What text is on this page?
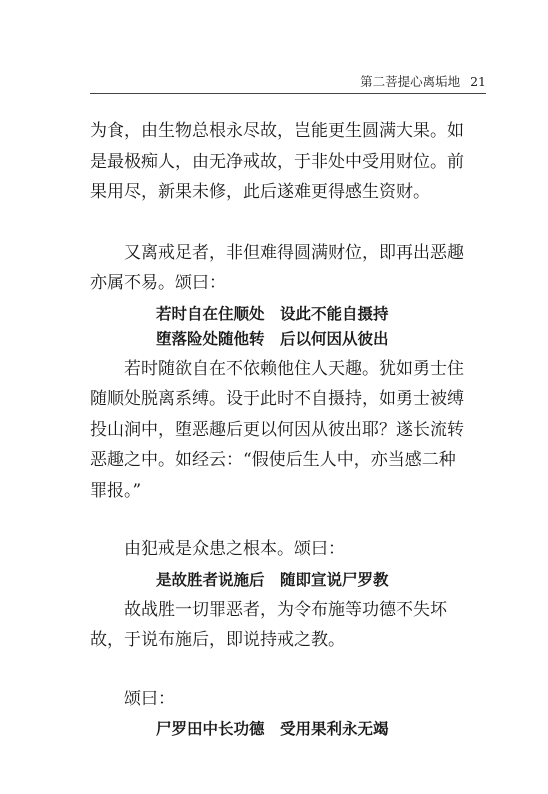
第二菩提心离垢地 21

为食，由生物总根永尽故，岂能更生圆满大果。如

是最极痴人，由无净戒故，于非处中受用财位。前

果用尽，新果未修，此后遂难更得感生资财。

又离戒足者，非但难得圆满财位，即再出恶趣

亦属不易。颂曰：

若时自在住顺处　设此不能自摄持

堕落险处随他转　后以何因从彼出

若时随欲自在不依赖他住人天趣。犹如勇士住

随顺处脱离系缚。设于此时不自摄持，如勇士被缚

投山涧中，堕恶趣后更以何因从彼出耶？遂长流转

恶趣之中。如经云：“假使后生人中，亦当感二种

罪报。”

由犯戒是众患之根本。颂曰：

是故胜者说施后　随即宣说尸罗教

故战胜一切罪恶者，为令布施等功德不失坏

故，于说布施后，即说持戒之教。

颂曰：

尸罗田中长功德　受用果利永无竭
